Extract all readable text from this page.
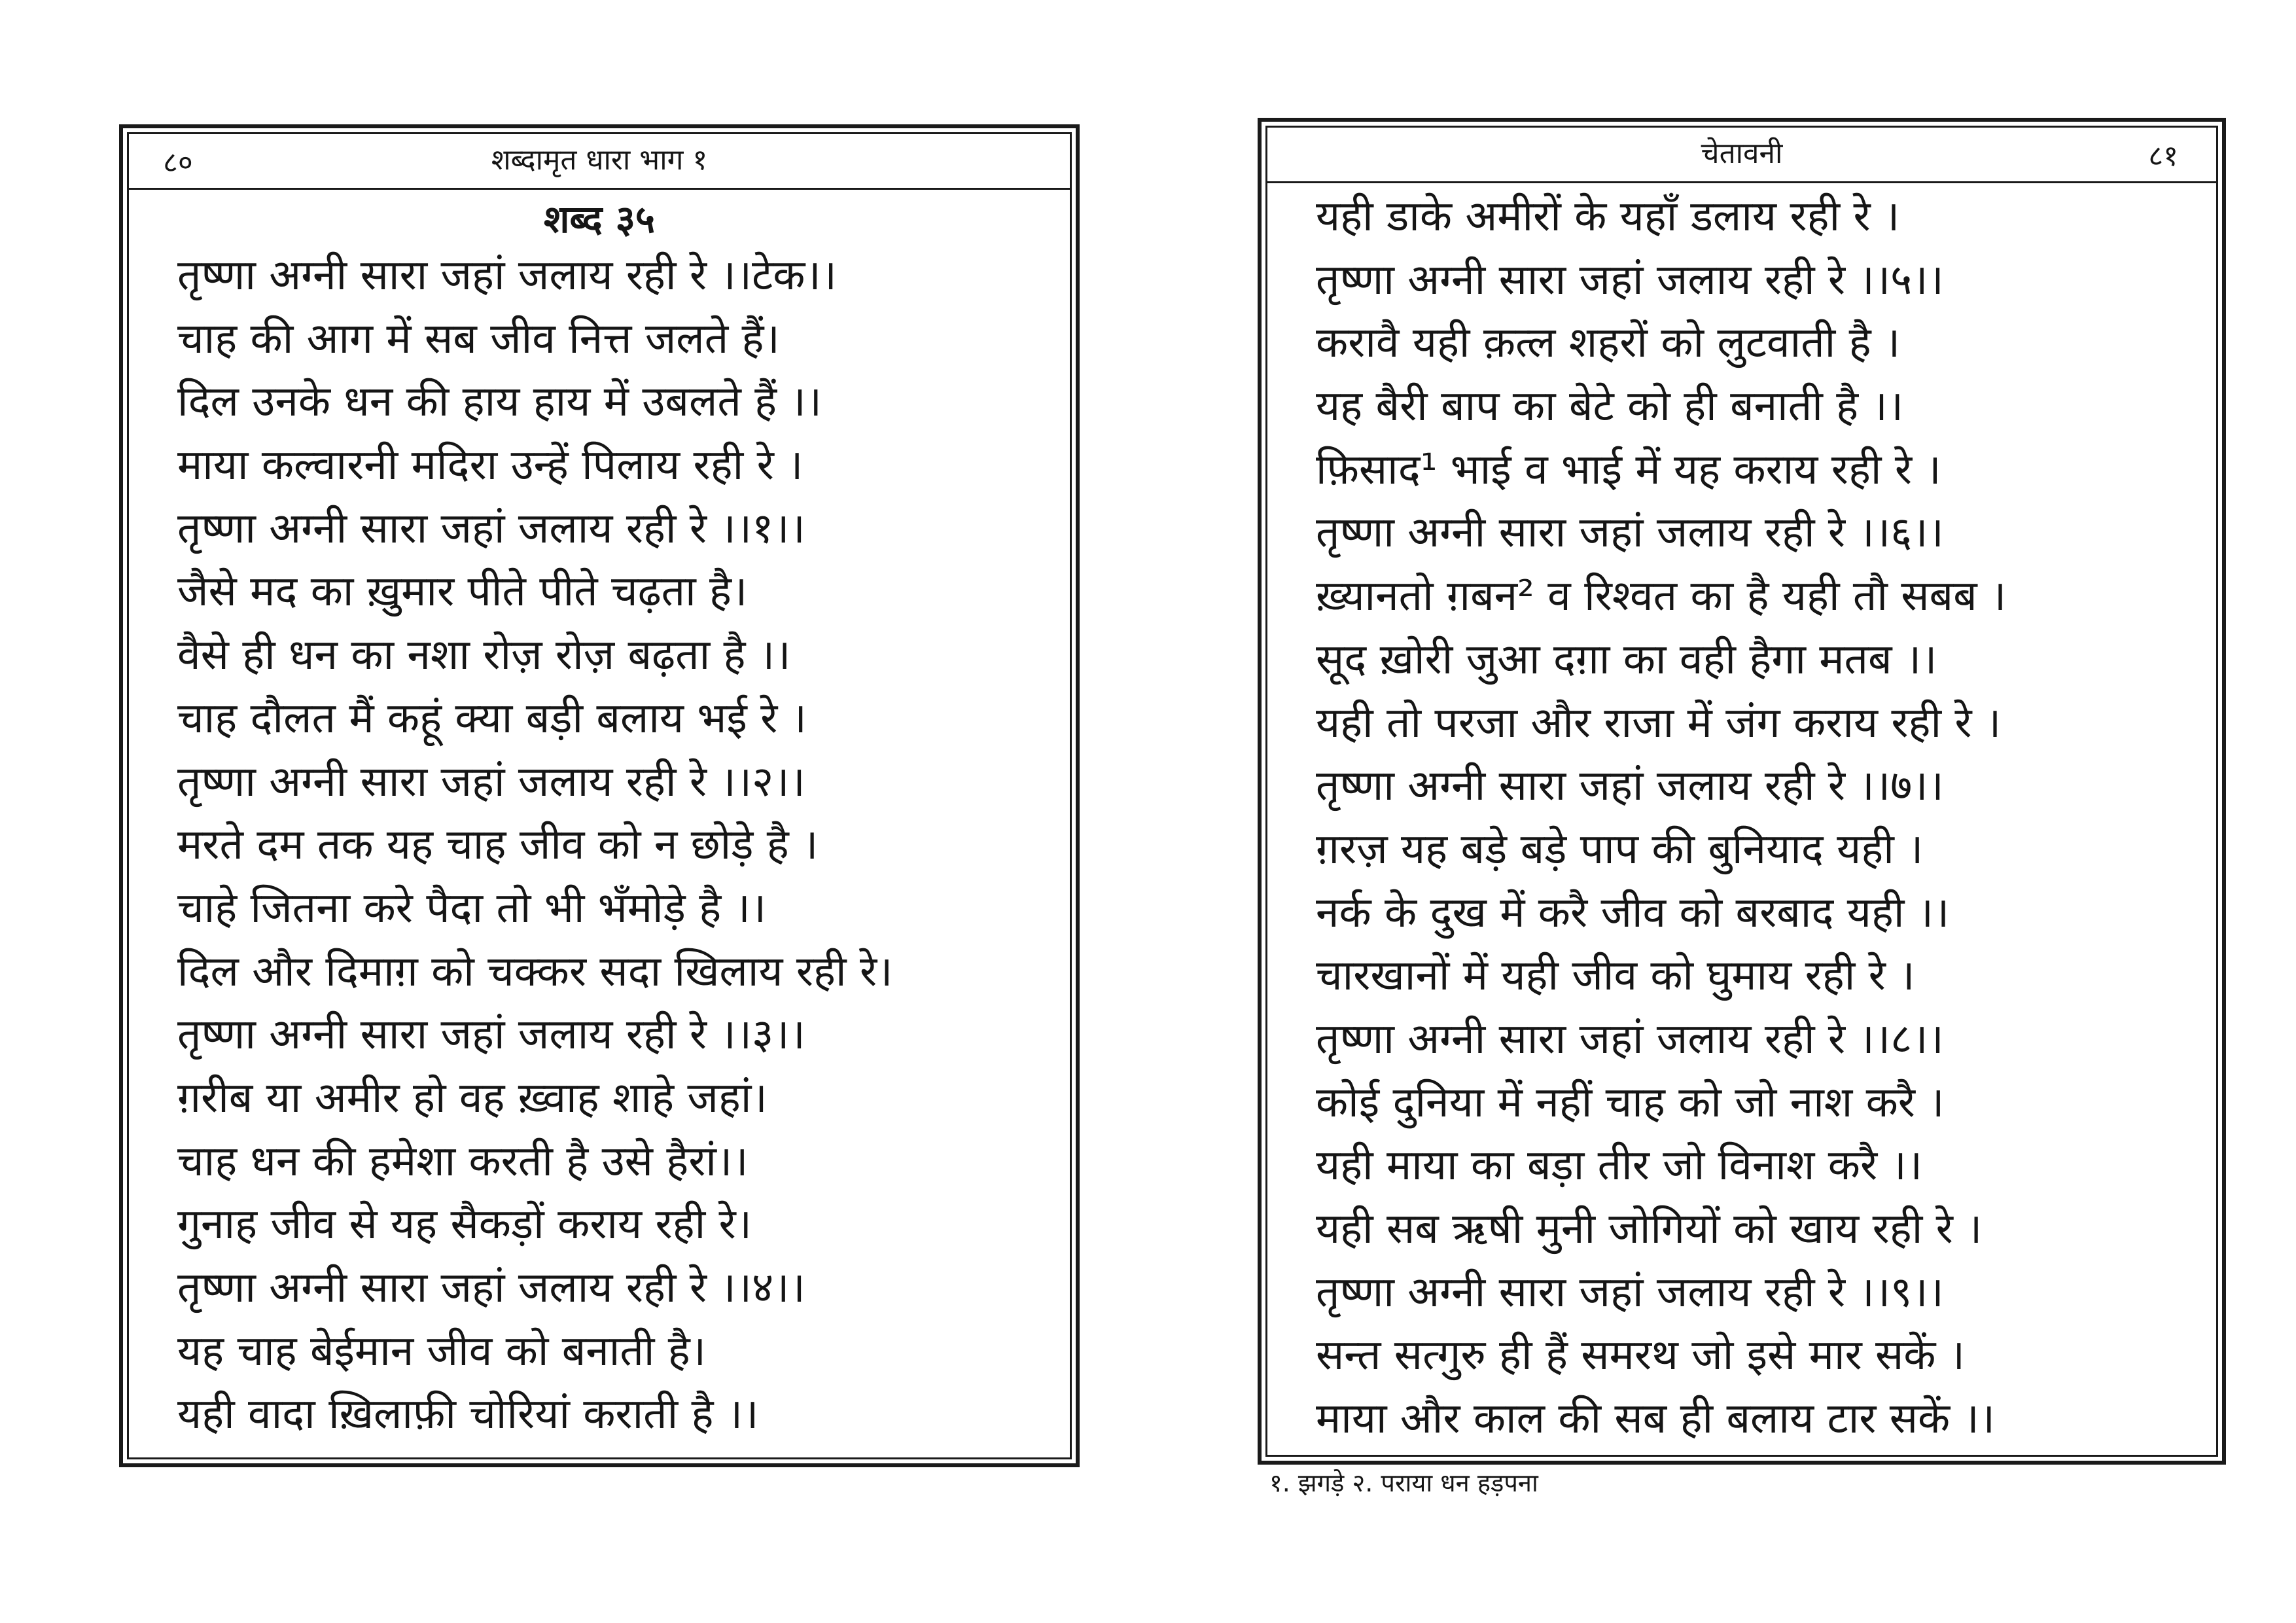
८०	शब्दामृत धारा भाग १
शब्द ३५
तृष्णा अग्नी सारा जहां जलाय रही रे ।।टेक।।
चाह की आग में सब जीव नित्त जलते हैं।
दिल उनके धन की हाय हाय में उबलते हैं ।।
माया कल्वारनी मदिरा उन्हें पिलाय रही रे ।
तृष्णा अग्नी सारा जहां जलाय रही रे ।।१।।
जैसे मद का ख़ुमार पीते पीते चढ़ता है।
वैसे ही धन का नशा रोज़ रोज़ बढ़ता है ।।
चाह दौलत मैं कहूं क्या बड़ी बलाय भई रे ।
तृष्णा अग्नी सारा जहां जलाय रही रे ।।२।।
मरते दम तक यह चाह जीव को न छोड़े है ।
चाहे जितना करे पैदा तो भी भँमोड़े है ।।
दिल और दिमाग़ को चक्कर सदा खिलाय रही रे।
तृष्णा अग्नी सारा जहां जलाय रही रे ।।३।।
ग़रीब या अमीर हो वह ख़्वाह शाहे जहां।
चाह धन की हमेशा करती है उसे हैरां।।
गुनाह जीव से यह सैकड़ों कराय रही रे।
तृष्णा अग्नी सारा जहां जलाय रही रे ।।४।।
यह चाह बेईमान जीव को बनाती है।
यही वादा ख़िलाफ़ी चोरियां कराती है ।।
चेतावनी	८१
यही डाके अमीरों के यहाँ डलाय रही रे ।
तृष्णा अग्नी सारा जहां जलाय रही रे ।।५।।
करावै यही क़त्ल शहरों को लुटवाती है ।
यह बैरी बाप का बेटे को ही बनाती है ।।
फ़िसाद¹ भाई व भाई में यह कराय रही रे ।
तृष्णा अग्नी सारा जहां जलाय रही रे ।।६।।
ख़्यानतो ग़बन² व रिश्वत का है यही तौ सबब ।
सूद ख़ोरी जुआ दग़ा का वही हैगा मतब ।।
यही तो परजा और राजा में जंग कराय रही रे ।
तृष्णा अग्नी सारा जहां जलाय रही रे ।।७।।
ग़रज़ यह बड़े बड़े पाप की बुनियाद यही ।
नर्क के दुख में करै जीव को बरबाद यही ।।
चारखानों में यही जीव को घुमाय रही रे ।
तृष्णा अग्नी सारा जहां जलाय रही रे ।।८।।
कोई दुनिया में नहीं चाह को जो नाश करै ।
यही माया का बड़ा तीर जो विनाश करै ।।
यही सब ऋषी मुनी जोगियों को खाय रही रे ।
तृष्णा अग्नी सारा जहां जलाय रही रे ।।९।।
सन्त सत्गुरु ही हैं समरथ जो इसे मार सकें ।
माया और काल की सब ही बलाय टार सकें ।।
१. झगड़े २. पराया धन हड़पना
